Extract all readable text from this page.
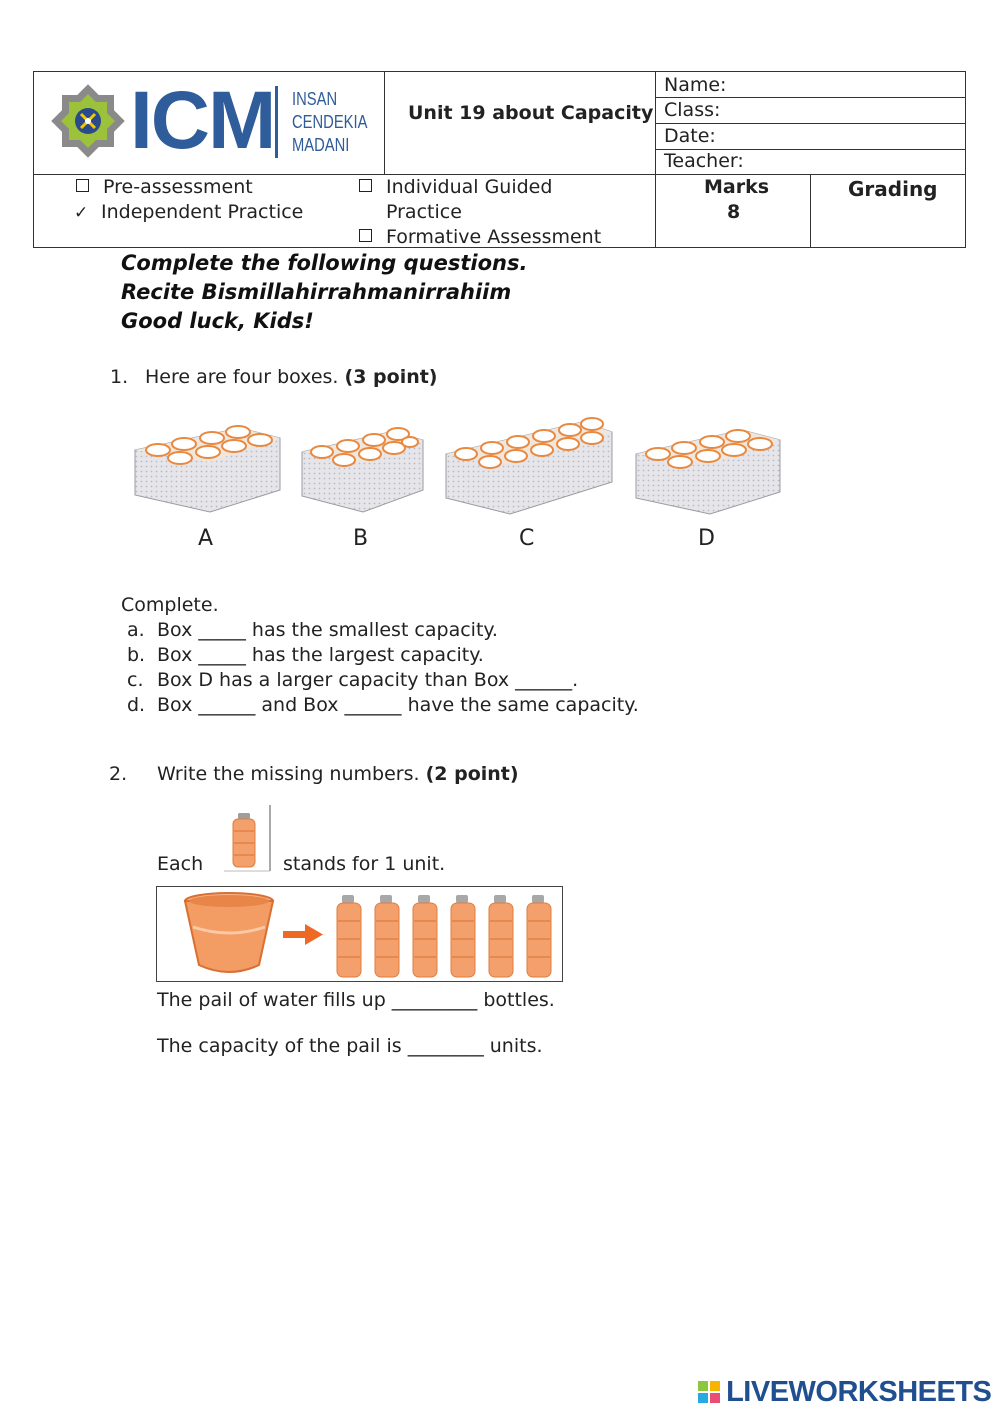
ICM INSAN
CENDEKIA
MADANI
Unit 19 about Capacity
Name:
Class:
Date:
Teacher:
Pre-assessment
✓ Independent Practice
Individual Guided
Practice
Formative Assessment
Marks
8
Grading
Complete the following questions.
Recite Bismillahirrahmanirrahiim
Good luck, Kids!
1. Here are four boxes. (3 point)
A	B	C	D
Complete.
a. Box _____ has the smallest capacity.
b. Box _____ has the largest capacity.
c. Box D has a larger capacity than Box ______.
d. Box ______ and Box ______ have the same capacity.
2. Write the missing numbers. (2 point)
Each	stands for 1 unit.
The pail of water fills up _________ bottles.
The capacity of the pail is ________ units.
LIVEWORKSHEETS
